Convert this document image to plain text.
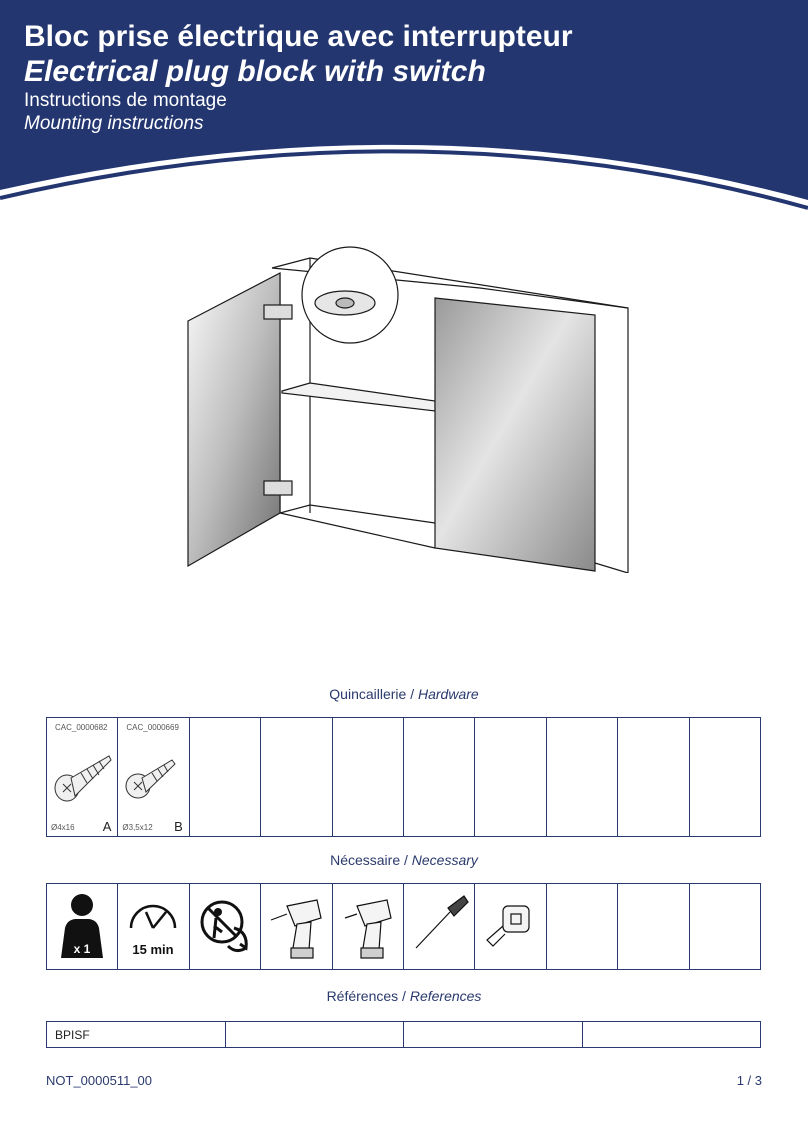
Bloc prise électrique avec interrupteur
Electrical plug block with switch
Instructions de montage
Mounting instructions
Quincaillerie / Hardware
CAC_0000682
Ø4x16 A
CAC_0000669
Ø3,5x12 B
Nécessaire / Necessary
x 1	15 min
Références / References
BPISF
NOT_0000511_00	1 / 3
